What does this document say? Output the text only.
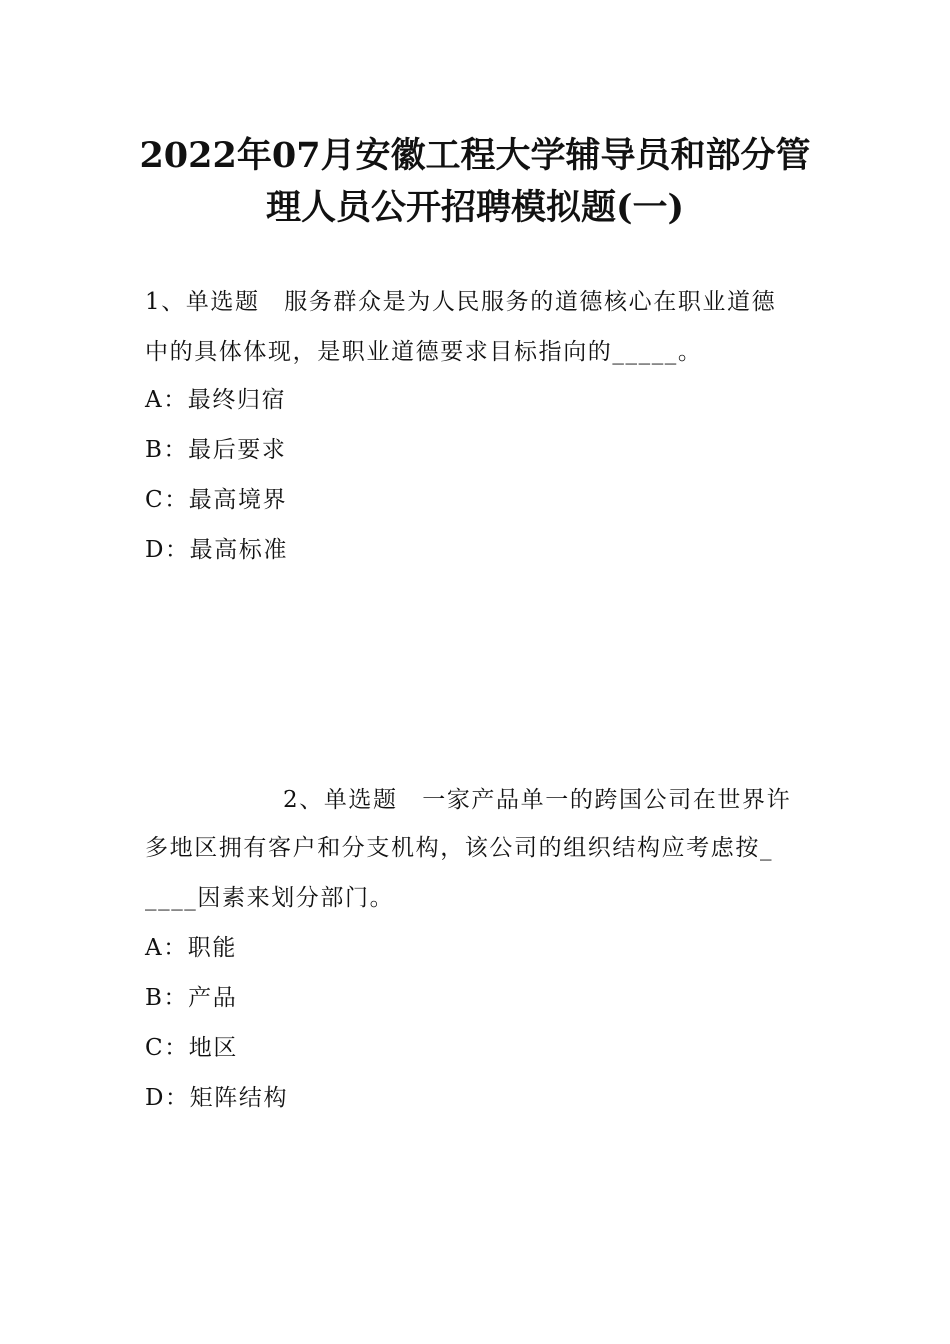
2022年07月安徽工程大学辅导员和部分管
理人员公开招聘模拟题(一)
1、单选题　服务群众是为人民服务的道德核心在职业道德
中的具体体现，是职业道德要求目标指向的_____。
A：最终归宿
B：最后要求
C：最高境界
D：最高标准
2、单选题　一家产品单一的跨国公司在世界许
多地区拥有客户和分支机构，该公司的组织结构应考虑按_
____因素来划分部门。
A：职能
B：产品
C：地区
D：矩阵结构
